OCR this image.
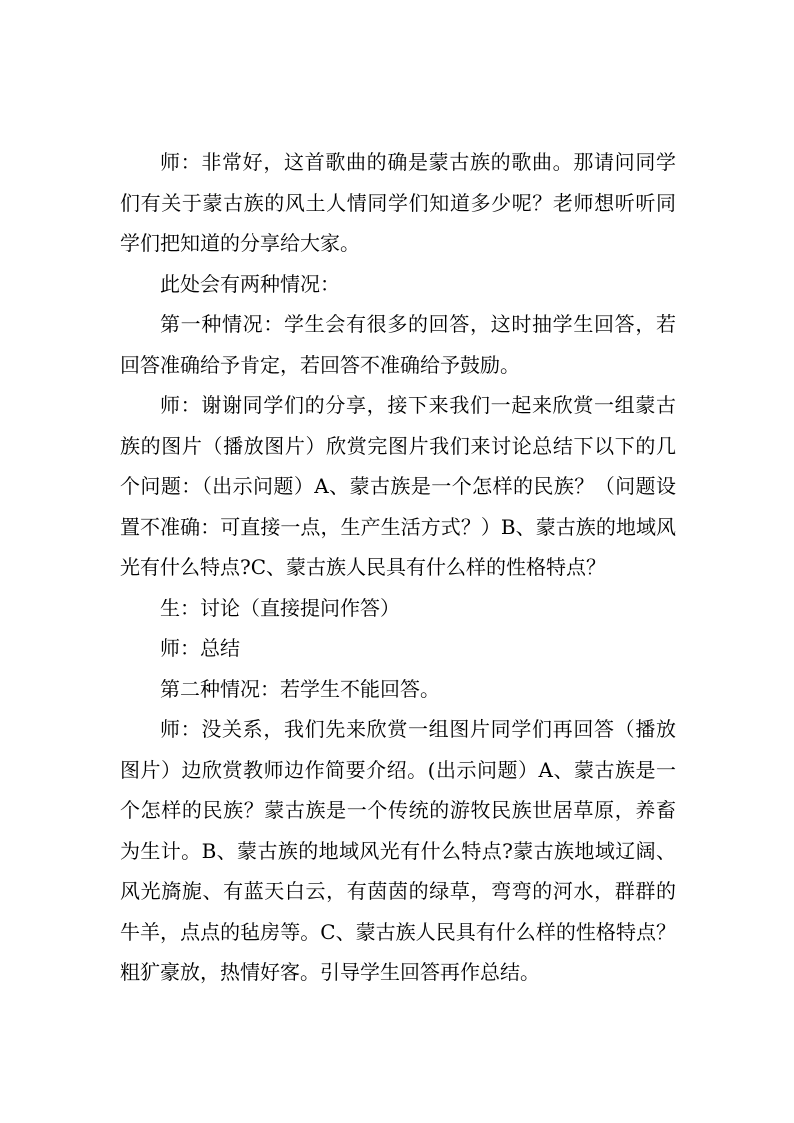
师：非常好，这首歌曲的确是蒙古族的歌曲。那请问同学们有关于蒙古族的风土人情同学们知道多少呢？老师想听听同学们把知道的分享给大家。

此处会有两种情况：

第一种情况：学生会有很多的回答，这时抽学生回答，若回答准确给予肯定，若回答不准确给予鼓励。

师：谢谢同学们的分享，接下来我们一起来欣赏一组蒙古族的图片（播放图片）欣赏完图片我们来讨论总结下以下的几个问题：（出示问题）A、蒙古族是一个怎样的民族？（问题设置不准确：可直接一点，生产生活方式？）B、蒙古族的地域风光有什么特点?C、蒙古族人民具有什么样的性格特点？

生：讨论（直接提问作答）

师：总结

第二种情况：若学生不能回答。

师：没关系，我们先来欣赏一组图片同学们再回答（播放图片）边欣赏教师边作简要介绍。(出示问题）A、蒙古族是一个怎样的民族？蒙古族是一个传统的游牧民族世居草原，养畜为生计。B、蒙古族的地域风光有什么特点?蒙古族地域辽阔、风光旖旎、有蓝天白云，有茵茵的绿草，弯弯的河水，群群的牛羊，点点的毡房等。C、蒙古族人民具有什么样的性格特点？粗犷豪放，热情好客。引导学生回答再作总结。
